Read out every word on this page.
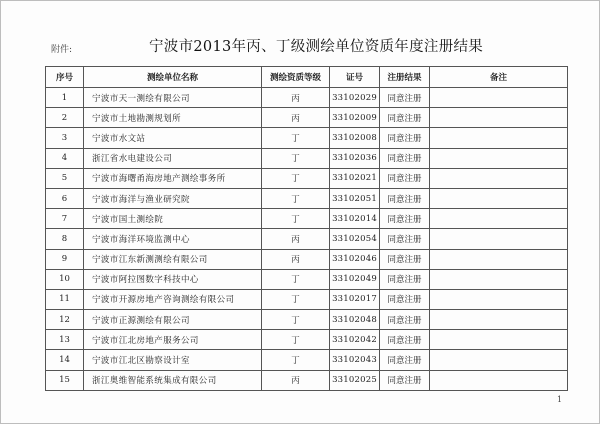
附件:	宁波市2013年丙、丁级测绘单位资质年度注册结果
序号	测绘单位名称	测绘资质等级	证号	注册结果	备注
1	宁波市天一测绘有限公司	丙	33102029	同意注册	
2	宁波市土地勘测规划所	丙	33102009	同意注册	
3	宁波市水文站	丁	33102008	同意注册	
4	浙江省水电建设公司	丁	33102036	同意注册	
5	宁波市海曙甬海房地产测绘事务所	丁	33102021	同意注册	
6	宁波市海洋与渔业研究院	丁	33102051	同意注册	
7	宁波市国土测绘院	丁	33102014	同意注册	
8	宁波市海洋环境监测中心	丙	33102054	同意注册	
9	宁波市江东新测测绘有限公司	丙	33102046	同意注册	
10	宁波市阿拉图数字科技中心	丁	33102049	同意注册	
11	宁波市开源房地产咨询测绘有限公司	丁	33102017	同意注册	
12	宁波市正源测绘有限公司	丁	33102048	同意注册	
13	宁波市江北房地产服务公司	丁	33102042	同意注册	
14	宁波市江北区勘察设计室	丁	33102043	同意注册	
15	浙江奥维智能系统集成有限公司	丙	33102025	同意注册	
1
